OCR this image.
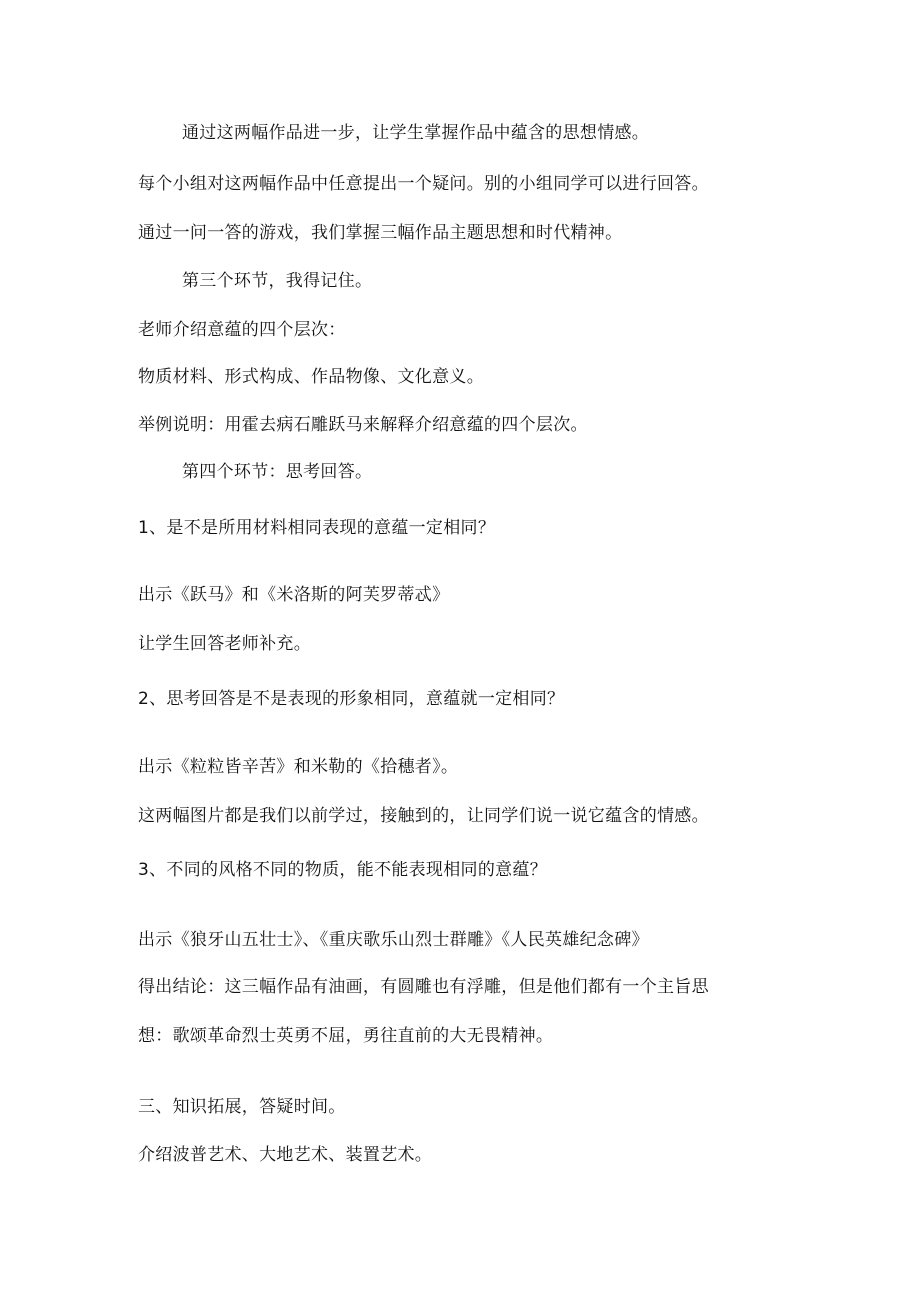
通过这两幅作品进一步，让学生掌握作品中蕴含的思想情感。
每个小组对这两幅作品中任意提出一个疑问。别的小组同学可以进行回答。
通过一问一答的游戏，我们掌握三幅作品主题思想和时代精神。
第三个环节，我得记住。
老师介绍意蕴的四个层次：
物质材料、形式构成、作品物像、文化意义。
举例说明：用霍去病石雕跃马来解释介绍意蕴的四个层次。
第四个环节：思考回答。
1、是不是所用材料相同表现的意蕴一定相同？
出示《跃马》和《米洛斯的阿芙罗蒂忒》
让学生回答老师补充。
2、思考回答是不是表现的形象相同，意蕴就一定相同？
出示《粒粒皆辛苦》和米勒的《拾穗者》。
这两幅图片都是我们以前学过，接触到的，让同学们说一说它蕴含的情感。
3、不同的风格不同的物质，能不能表现相同的意蕴？
出示《狼牙山五壮士》、《重庆歌乐山烈士群雕》《人民英雄纪念碑》
得出结论：这三幅作品有油画，有圆雕也有浮雕，但是他们都有一个主旨思
想：歌颂革命烈士英勇不屈，勇往直前的大无畏精神。
三、知识拓展，答疑时间。
介绍波普艺术、大地艺术、装置艺术。
